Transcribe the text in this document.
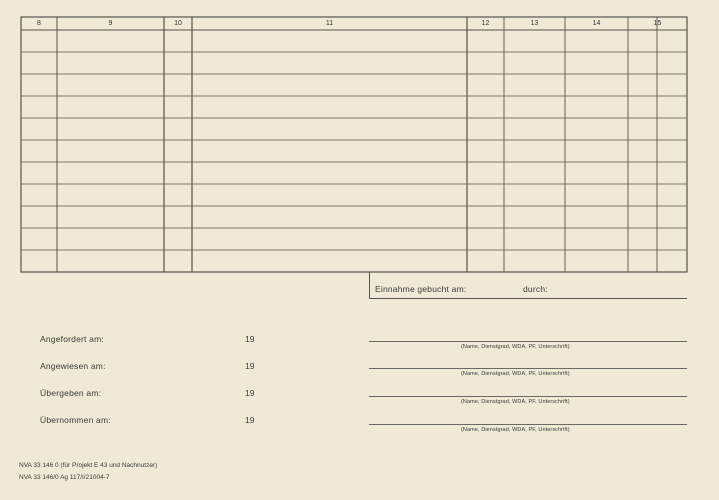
8	9	10	11	12	13	14	15
Einnahme gebucht am:	durch:
Angefordert am:	19
Angewiesen am:	19
Übergeben am:	19
Übernommen am:	19
(Name, Dienstgrad, WDA, PF, Unterschrift)
(Name, Dienstgrad, WDA, PF, Unterschrift)
(Name, Dienstgrad, WDA, PF, Unterschrift)
(Name, Dienstgrad, WDA, PF, Unterschrift)
NVA 33 146 0 (für Projekt E 43 und Nachnutzer)
NVA 33 146/0 Ag 117/I/21004-7
